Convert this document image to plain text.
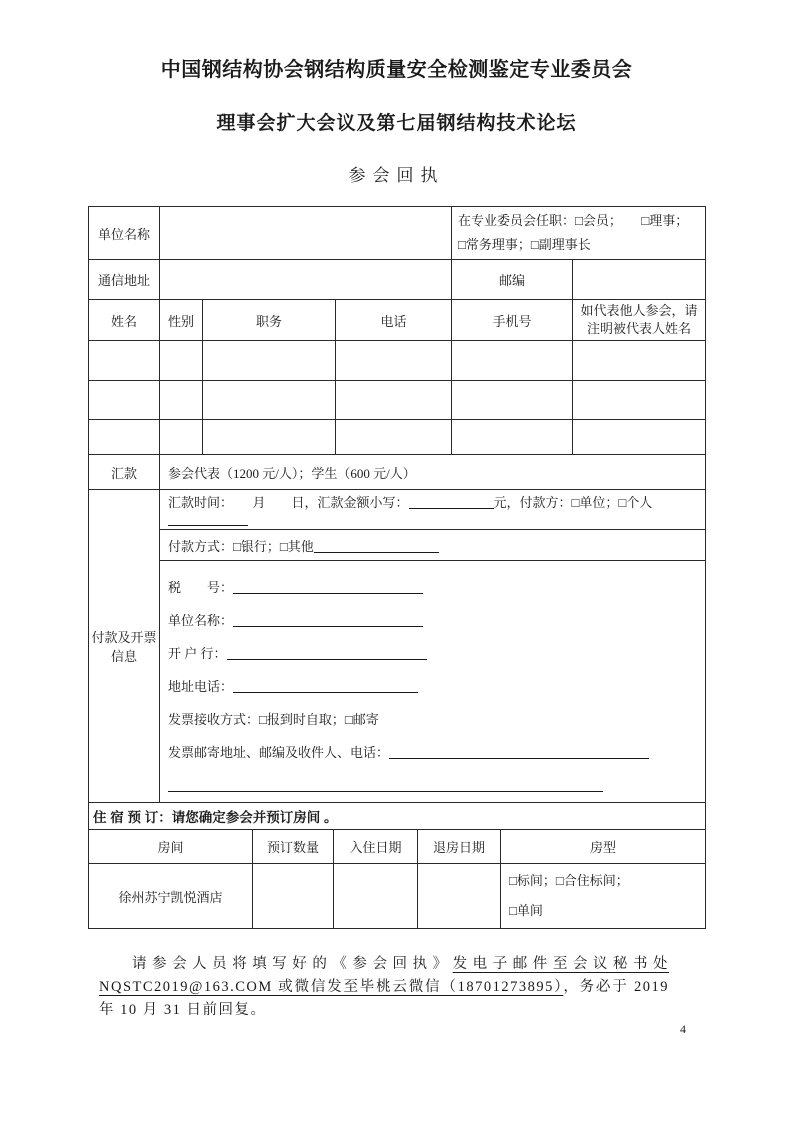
中国钢结构协会钢结构质量安全检测鉴定专业委员会
理事会扩大会议及第七届钢结构技术论坛
参会回执
单位名称				在专业委员会任职：□会员；　　□理事；
□常务理事；□副理事长	

通信地址				邮编	
姓名	性别	职务	电话	手机号	如代表他人参会，请注明被代表人姓名

汇款	参会代表（1200 元/人）；学生（600 元/人）				
付款及开票信息	汇款时间：　　月　　日，汇款金额小写： 元，付款方：□单位；□个人				
	付款方式：□银行；□其他				

税　　号：
单位名称：
开 户 行：
地址电话：
发票接收方式：□报到时自取；□邮寄
发票邮寄地址、邮编及收件人、电话：
住 宿 预 订：请您确定参会并预订房间 。				
房间	预订数量	入住日期	退房日期	房型
徐州苏宁凯悦酒店				□标间；□合住标间；
□单间

请参会人员将填写好的《参会回执》发电子邮件至会议秘书处 NQSTC2019@163.COM 或微信发至毕桃云微信（18701273895），务必于 2019 年 10 月 31 日前回复。

4
